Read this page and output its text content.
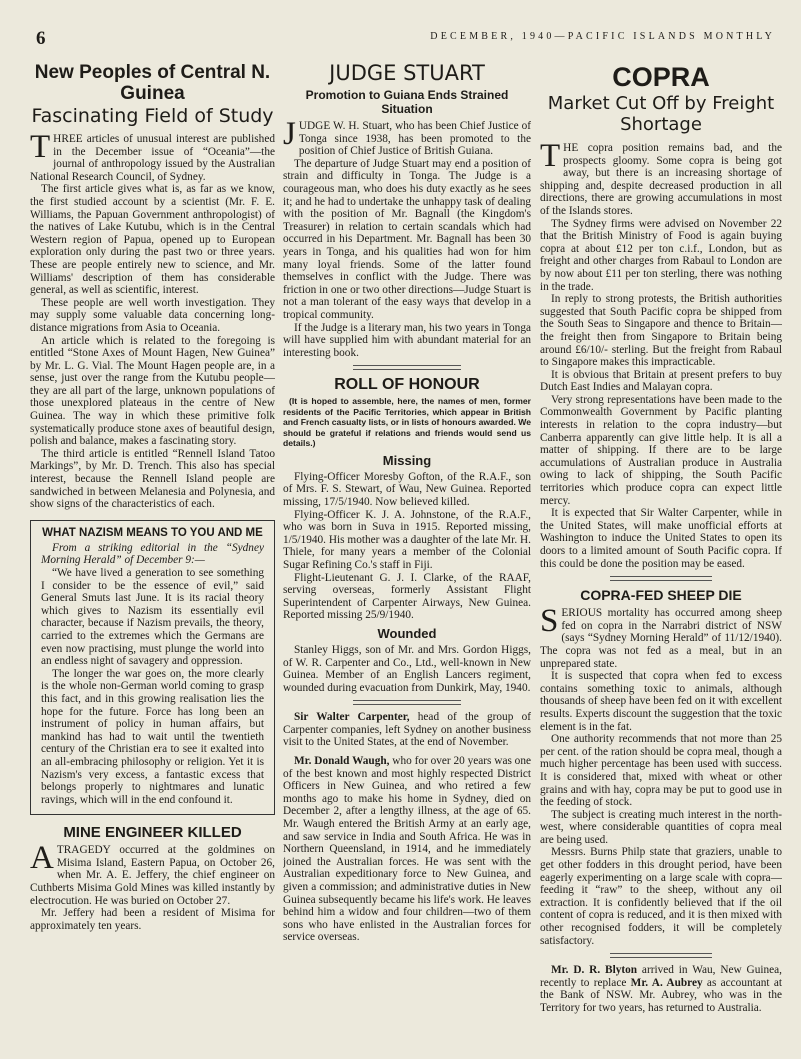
6	DECEMBER, 1940—PACIFIC ISLANDS MONTHLY
New Peoples of Central N. Guinea
Fascinating Field of Study

THREE articles of unusual interest are published in the December issue of “Oceania”—the journal of anthropology issued by the Australian National Research Council, of Sydney.

The first article gives what is, as far as we know, the first studied account by a scientist (Mr. F. E. Williams, the Papuan Government anthropologist) of the natives of Lake Kutubu, which is in the Central Western region of Papua, opened up to European exploration only during the past two or three years. These are people entirely new to science, and Mr. Williams' description of them has considerable general, as well as scientific, interest.

These people are well worth investigation. They may supply some valuable data concerning long-distance migrations from Asia to Oceania.

An article which is related to the foregoing is entitled “Stone Axes of Mount Hagen, New Guinea” by Mr. L. G. Vial. The Mount Hagen people are, in a sense, just over the range from the Kutubu people—they are all part of the large, unknown populations of those unexplored plateaus in the centre of New Guinea. The way in which these primitive folk systematically produce stone axes of beautiful design, polish and balance, makes a fascinating story.

The third article is entitled “Rennell Island Tatoo Markings”, by Mr. D. Trench. This also has special interest, because the Rennell Island people are sandwiched in between Melanesia and Polynesia, and show signs of the characteristics of each.

WHAT NAZISM MEANS TO YOU AND ME
From a striking editorial in the “Sydney Morning Herald” of December 9:—

“We have lived a generation to see something I consider to be the essence of evil,” said General Smuts last June. It is its racial theory which gives to Nazism its essentially evil character, because if Nazism prevails, the theory, carried to the extremes which the Germans are even now practising, must plunge the world into an endless night of savagery and oppression.

The longer the war goes on, the more clearly is the whole non-German world coming to grasp this fact, and in this growing realisation lies the hope for the future. Force has long been an instrument of policy in human affairs, but mankind has had to wait until the twentieth century of the Christian era to see it exalted into an all-embracing philosophy or religion. Yet it is Nazism's very excess, a fantastic excess that belongs properly to nightmares and lunatic ravings, which will in the end confound it.

MINE ENGINEER KILLED

ATRAGEDY occurred at the goldmines on Misima Island, Eastern Papua, on October 26, when Mr. A. E. Jeffery, the chief engineer on Cuthberts Misima Gold Mines was killed instantly by electrocution. He was buried on October 27.

Mr. Jeffery had been a resident of Misima for approximately ten years.

JUDGE STUART
Promotion to Guiana Ends Strained Situation

JUDGE W. H. Stuart, who has been Chief Justice of Tonga since 1938, has been promoted to the position of Chief Justice of British Guiana.

The departure of Judge Stuart may end a position of strain and difficulty in Tonga. The Judge is a courageous man, who does his duty exactly as he sees it; and he had to undertake the unhappy task of dealing with the position of Mr. Bagnall (the Kingdom's Treasurer) in relation to certain scandals which had occurred in his Department. Mr. Bagnall has been 30 years in Tonga, and his qualities had won for him many loyal friends. Some of the latter found themselves in conflict with the Judge. There was friction in one or two other directions—Judge Stuart is not a man tolerant of the easy ways that develop in a tropical community.

If the Judge is a literary man, his two years in Tonga will have supplied him with abundant material for an interesting book.

ROLL OF HONOUR
(It is hoped to assemble, here, the names of men, former residents of the Pacific Territories, which appear in British and French casualty lists, or in lists of honours awarded. We should be grateful if relations and friends would send us details.)
Missing

Flying-Officer Moresby Gofton, of the R.A.F., son of Mrs. F. S. Stewart, of Wau, New Guinea. Reported missing, 17/5/1940. Now believed killed.

Flying-Officer K. J. A. Johnstone, of the R.A.F., who was born in Suva in 1915. Reported missing, 1/5/1940. His mother was a daughter of the late Mr. H. Thiele, for many years a member of the Colonial Sugar Refining Co.'s staff in Fiji.

Flight-Lieutenant G. J. I. Clarke, of the RAAF, serving overseas, formerly Assistant Flight Superintendent of Carpenter Airways, New Guinea. Reported missing 25/9/1940.

Wounded

Stanley Higgs, son of Mr. and Mrs. Gordon Higgs, of W. R. Carpenter and Co., Ltd., well-known in New Guinea. Member of an English Lancers regiment, wounded during evacuation from Dunkirk, May, 1940.

Sir Walter Carpenter, head of the group of Carpenter companies, left Sydney on another business visit to the United States, at the end of November.

Mr. Donald Waugh, who for over 20 years was one of the best known and most highly respected District Officers in New Guinea, and who retired a few months ago to make his home in Sydney, died on December 2, after a lengthy illness, at the age of 65. Mr. Waugh entered the British Army at an early age, and saw service in India and South Africa. He was in Northern Queensland, in 1914, and he immediately joined the Australian forces. He was sent with the Australian expeditionary force to New Guinea, and given a commission; and administrative duties in New Guinea subsequently became his life's work. He leaves behind him a widow and four children—two of them sons who have enlisted in the Australian forces for service overseas.

COPRA
Market Cut Off by Freight Shortage

THE copra position remains bad, and the prospects gloomy. Some copra is being got away, but there is an increasing shortage of shipping and, despite decreased production in all directions, there are growing accumulations in most of the Islands stores.

The Sydney firms were advised on November 22 that the British Ministry of Food is again buying copra at about £12 per ton c.i.f., London, but as freight and other charges from Rabaul to London are by now about £11 per ton sterling, there was nothing in the trade.

In reply to strong protests, the British authorities suggested that South Pacific copra be shipped from the South Seas to Singapore and thence to Britain—the freight then from Singapore to Britain being around £6/10/- sterling. But the freight from Rabaul to Singapore makes this impracticable.

It is obvious that Britain at present prefers to buy Dutch East Indies and Malayan copra.

Very strong representations have been made to the Commonwealth Government by Pacific planting interests in relation to the copra industry—but Canberra apparently can give little help. It is all a matter of shipping. If there are to be large accumulations of Australian produce in Australia owing to lack of shipping, the South Pacific territories which produce copra can expect little mercy.

It is expected that Sir Walter Carpenter, while in the United States, will make unofficial efforts at Washington to induce the United States to open its doors to a limited amount of South Pacific copra. If this could be done the position may be eased.

COPRA-FED SHEEP DIE

SERIOUS mortality has occurred among sheep fed on copra in the Narrabri district of NSW (says “Sydney Morning Herald” of 11/12/1940). The copra was not fed as a meal, but in an unprepared state.

It is suspected that copra when fed to excess contains something toxic to animals, although thousands of sheep have been fed on it with excellent results. Experts discount the suggestion that the toxic element is in the fat.

One authority recommends that not more than 25 per cent. of the ration should be copra meal, though a much higher percentage has been used with success. It is considered that, mixed with wheat or other grains and with hay, copra may be put to good use in the feeding of stock.

The subject is creating much interest in the north-west, where considerable quantities of copra meal are being used.

Messrs. Burns Philp state that graziers, unable to get other fodders in this drought period, have been eagerly experimenting on a large scale with copra—feeding it “raw” to the sheep, without any oil extraction. It is confidently believed that if the oil content of copra is reduced, and it is then mixed with other recognised fodders, it will be completely satisfactory.

Mr. D. R. Blyton arrived in Wau, New Guinea, recently to replace Mr. A. Aubrey as accountant at the Bank of NSW. Mr. Aubrey, who was in the Territory for two years, has returned to Australia.
